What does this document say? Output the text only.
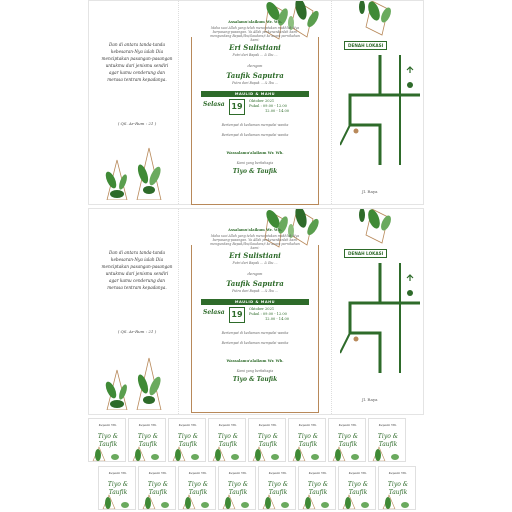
Dan di antara tanda-tanda kebesaran-Nya ialah Dia menciptakan pasangan-pasangan untukmu dari jenismu sendiri agar kamu cenderung dan merasa tentram kepadanya.
( QS. Ar-Rum : 21 )
Assalamu'alaikum Wr. Wb.
Maha suci Allah yang telah menciptakan makhluk-Nya berpasang-pasangan. Ya Allah perkenankanlah kami mengundang Bapak/Ibu/Saudara/i ke acara pernikahan kami:
Eri Sulistiani
Putri dari Bapak ... & Ibu ...
dengan
Taufik Saputra
Putra dari Bapak ... & Ibu ...
MAULID & MAHU
Selasa 19
Oktober 2021
Pukul : 09.00 - 12.00
12.00 - 14.00
Bertempat di kediaman mempelai wanita
Bertempat di kediaman mempelai wanita
Wassalamu'alaikum Wr. Wb.
Kami yang berbahagia
Tiyo & Taufik
DENAH LOKASI
Jl. Raya
Dan di antara tanda-tanda kebesaran-Nya ialah Dia menciptakan pasangan-pasangan untukmu dari jenismu sendiri agar kamu cenderung dan merasa tentram kepadanya.
( QS. Ar-Rum : 21 )
Assalamu'alaikum Wr. Wb.
Maha suci Allah yang telah menciptakan makhluk-Nya berpasang-pasangan. Ya Allah perkenankanlah kami mengundang Bapak/Ibu/Saudara/i ke acara pernikahan kami:
Eri Sulistiani
Putri dari Bapak ... & Ibu ...
dengan
Taufik Saputra
Putra dari Bapak ... & Ibu ...
MAULID & MAHU
Selasa 19
Oktober 2021
Pukul : 09.00 - 12.00
12.00 - 14.00
Bertempat di kediaman mempelai wanita
Bertempat di kediaman mempelai wanita
Wassalamu'alaikum Wr. Wb.
Kami yang berbahagia
Tiyo & Taufik
DENAH LOKASI
Jl. Raya
Kepada Yth.
Tiyo & Taufik
Kepada Yth.
Tiyo & Taufik
Kepada Yth.
Tiyo & Taufik
Kepada Yth.
Tiyo & Taufik
Kepada Yth.
Tiyo & Taufik
Kepada Yth.
Tiyo & Taufik
Kepada Yth.
Tiyo & Taufik
Kepada Yth.
Tiyo & Taufik
Kepada Yth.
Tiyo & Taufik
Kepada Yth.
Tiyo & Taufik
Kepada Yth.
Tiyo & Taufik
Kepada Yth.
Tiyo & Taufik
Kepada Yth.
Tiyo & Taufik
Kepada Yth.
Tiyo & Taufik
Kepada Yth.
Tiyo & Taufik
Kepada Yth.
Tiyo & Taufik
